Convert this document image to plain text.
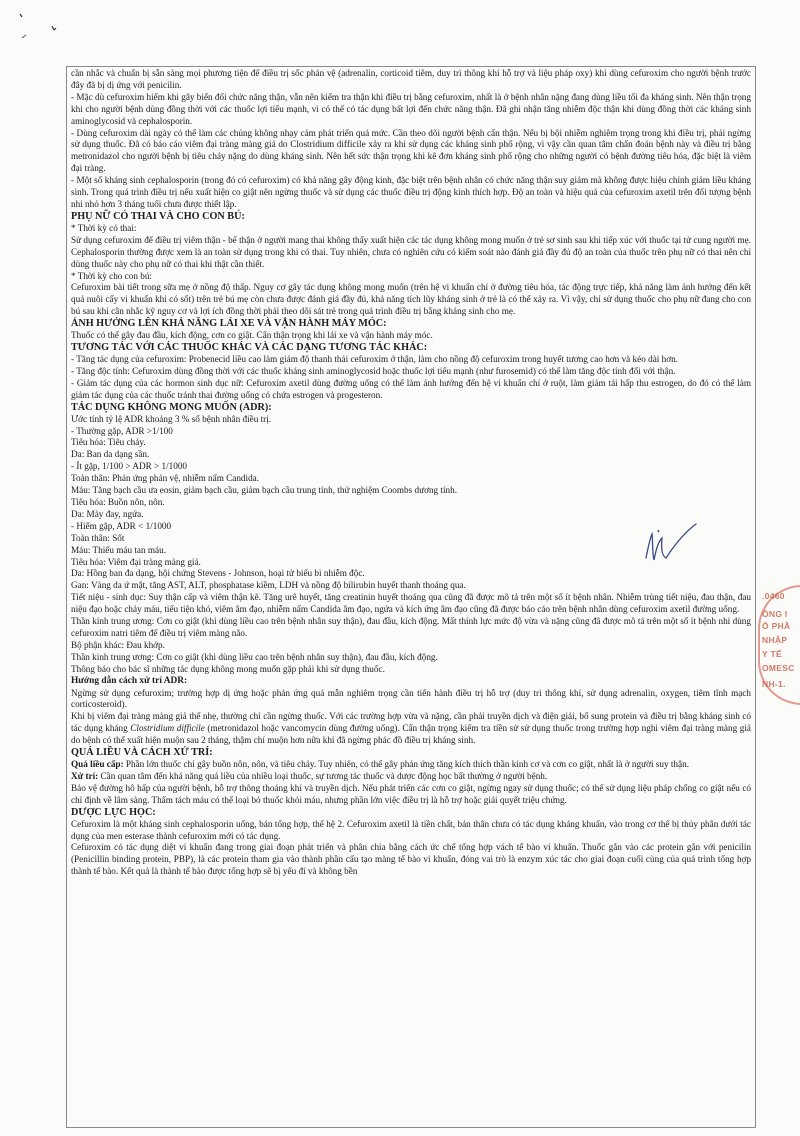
cần nhắc và chuẩn bị sẵn sàng mọi phương tiện để điều trị sốc phản vệ (adrenalin, corticoid tiêm, duy trì thông khí hỗ trợ và liệu pháp oxy) khi dùng cefuroxim cho người bệnh trước đây đã bị dị ứng với penicilin.

- Mặc dù cefuroxim hiếm khi gây biến đổi chức năng thận, vẫn nên kiểm tra thận khi điều trị bằng cefuroxim, nhất là ở bệnh nhân nặng đang dùng liều tối đa kháng sinh. Nên thận trọng khi cho người bệnh dùng đồng thời với các thuốc lợi tiểu mạnh, vì có thể có tác dụng bất lợi đến chức năng thận. Đã ghi nhận tăng nhiễm độc thận khi dùng đồng thời các kháng sinh aminoglycosid và cephalosporin.

- Dùng cefuroxim dài ngày có thể làm các chủng không nhạy cảm phát triển quá mức. Cần theo dõi người bệnh cẩn thận. Nếu bị bội nhiễm nghiêm trọng trong khi điều trị, phải ngừng sử dụng thuốc. Đã có báo cáo viêm đại tràng màng giả do Clostridium difficile xảy ra khi sử dụng các kháng sinh phổ rộng, vì vậy cần quan tâm chẩn đoán bệnh này và điều trị bằng metronidazol cho người bệnh bị tiêu chảy nặng do dùng kháng sinh. Nên hết sức thận trọng khi kê đơn kháng sinh phổ rộng cho những người có bệnh đường tiêu hóa, đặc biệt là viêm đại tràng.

- Một số kháng sinh cephalosporin (trong đó có cefuroxim) có khả năng gây động kinh, đặc biệt trên bệnh nhân có chức năng thận suy giảm mà không được hiệu chỉnh giảm liều kháng sinh. Trong quá trình điều trị nếu xuất hiện co giật nên ngừng thuốc và sử dụng các thuốc điều trị động kinh thích hợp. Độ an toàn và hiệu quả của cefuroxim axetil trên đối tượng bệnh nhi nhỏ hơn 3 tháng tuổi chưa được thiết lập.

PHỤ NỮ CÓ THAI VÀ CHO CON BÚ:

* Thời kỳ có thai:

Sử dụng cefuroxim để điều trị viêm thận - bể thận ở người mang thai không thấy xuất hiện các tác dụng không mong muốn ở trẻ sơ sinh sau khi tiếp xúc với thuốc tại tử cung người mẹ. Cephalosporin thường được xem là an toàn sử dụng trong khi có thai. Tuy nhiên, chưa có nghiên cứu có kiểm soát nào đánh giá đầy đủ độ an toàn của thuốc trên phụ nữ có thai nên chỉ dùng thuốc này cho phụ nữ có thai khi thật cần thiết.

* Thời kỳ cho con bú:

Cefuroxim bài tiết trong sữa mẹ ở nồng độ thấp. Nguy cơ gây tác dụng không mong muốn (trên hệ vi khuẩn chí ở đường tiêu hóa, tác động trực tiếp, khả năng làm ảnh hưởng đến kết quả nuôi cấy vi khuẩn khi có sốt) trên trẻ bú mẹ còn chưa được đánh giá đầy đủ, khả năng tích lũy kháng sinh ở trẻ là có thể xảy ra. Vì vậy, chỉ sử dụng thuốc cho phụ nữ đang cho con bú sau khi cân nhắc kỹ nguy cơ và lợi ích đồng thời phải theo dõi sát trẻ trong quá trình điều trị bằng kháng sinh cho mẹ.

ẢNH HƯỞNG LÊN KHẢ NĂNG LÁI XE VÀ VẬN HÀNH MÁY MÓC:

Thuốc có thể gây đau đầu, kích động, cơn co giật. Cẩn thận trọng khi lái xe và vận hành máy móc.

TƯƠNG TÁC VỚI CÁC THUỐC KHÁC VÀ CÁC DẠNG TƯƠNG TÁC KHÁC:

- Tăng tác dụng của cefuroxim: Probenecid liều cao làm giảm độ thanh thải cefuroxim ở thận, làm cho nồng độ cefuroxim trong huyết tương cao hơn và kéo dài hơn.

- Tăng độc tính: Cefuroxim dùng đồng thời với các thuốc kháng sinh aminoglycosid hoặc thuốc lợi tiểu mạnh (như furosemid) có thể làm tăng độc tính đối với thận.

- Giảm tác dụng của các hormon sinh dục nữ: Cefuroxim axetil dùng đường uống có thể làm ảnh hưởng đến hệ vi khuẩn chí ở ruột, làm giảm tái hấp thu estrogen, do đó có thể làm giảm tác dụng của các thuốc tránh thai đường uống có chứa estrogen và progesteron.

TÁC DỤNG KHÔNG MONG MUỐN (ADR):

Ước tính tỷ lệ ADR khoảng 3 % số bệnh nhân điều trị.

- Thường gặp, ADR >1/100

Tiêu hóa: Tiêu chảy.

Da: Ban da dạng sần.

- Ít gặp, 1/100 > ADR > 1/1000

Toàn thân: Phản ứng phản vệ, nhiễm nấm Candida.

Máu: Tăng bạch cầu ưa eosin, giảm bạch cầu, giảm bạch cầu trung tính, thử nghiệm Coombs dương tính.

Tiêu hóa: Buồn nôn, nôn.

Da: Mày đay, ngứa.

- Hiếm gặp, ADR < 1/1000

Toàn thân: Sốt

Máu: Thiếu máu tan máu.

Tiêu hóa: Viêm đại tràng màng giả.

Da: Hồng ban đa dạng, hội chứng Stevens - Johnson, hoại tử biểu bì nhiễm độc.

Gan: Vàng da ứ mật, tăng AST, ALT, phosphatase kiềm, LDH và nồng độ bilirubin huyết thanh thoáng qua.

Tiết niệu - sinh dục: Suy thận cấp và viêm thận kẽ. Tăng urê huyết, tăng creatinin huyết thoáng qua cũng đã được mô tả trên một số ít bệnh nhân. Nhiễm trùng tiết niệu, đau thận, đau niệu đạo hoặc chảy máu, tiểu tiện khó, viêm âm đạo, nhiễm nấm Candida âm đạo, ngứa và kích ứng âm đạo cũng đã được báo cáo trên bệnh nhân dùng cefuroxim axetil đường uống.

Thần kinh trung ương: Cơn co giật (khi dùng liều cao trên bệnh nhân suy thận), đau đầu, kích động. Mất thính lực mức độ vừa và nặng cũng đã được mô tả trên một số ít bệnh nhi dùng cefuroxim natri tiêm để điều trị viêm màng não.

Bộ phận khác: Đau khớp.

Thần kinh trung ương: Cơn co giật (khi dùng liều cao trên bệnh nhân suy thận), đau đầu, kích động.

Thông báo cho bác sĩ những tác dụng không mong muốn gặp phải khi sử dụng thuốc.

Hướng dẫn cách xử trí ADR:

Ngừng sử dụng cefuroxim; trường hợp dị ứng hoặc phản ứng quá mẫn nghiêm trọng cần tiến hành điều trị hỗ trợ (duy trì thông khí, sử dụng adrenalin, oxygen, tiêm tĩnh mạch corticosteroid).

Khi bị viêm đại tràng màng giả thể nhẹ, thường chỉ cần ngừng thuốc. Với các trường hợp vừa và nặng, cần phải truyền dịch và điện giải, bổ sung protein và điều trị bằng kháng sinh có tác dụng kháng Clostridium difficile (metronidazol hoặc vancomycin dùng đường uống). Cẩn thận trọng kiểm tra tiền sử sử dụng thuốc trong trường hợp nghi viêm đại tràng màng giả do bệnh có thể xuất hiện muộn sau 2 tháng, thậm chí muộn hơn nữa khi đã ngừng phác đồ điều trị kháng sinh.

QUÁ LIỀU VÀ CÁCH XỬ TRÍ:

Quá liều cấp: Phần lớn thuốc chỉ gây buồn nôn, nôn, và tiêu chảy. Tuy nhiên, có thể gây phản ứng tăng kích thích thần kinh cơ và cơn co giật, nhất là ở người suy thận.

Xử trí: Cần quan tâm đến khả năng quá liều của nhiều loại thuốc, sự tương tác thuốc và dược động học bất thường ở người bệnh.

Bảo vệ đường hô hấp của người bệnh, hỗ trợ thông thoáng khí và truyền dịch. Nếu phát triển các cơn co giật, ngừng ngay sử dụng thuốc; có thể sử dụng liệu pháp chống co giật nếu có chỉ định về lâm sàng. Thẩm tách máu có thể loại bỏ thuốc khỏi máu, nhưng phần lớn việc điều trị là hỗ trợ hoặc giải quyết triệu chứng.

DƯỢC LỰC HỌC:

Cefuroxim là một kháng sinh cephalosporin uống, bán tổng hợp, thế hệ 2. Cefuroxim axetil là tiền chất, bản thân chưa có tác dụng kháng khuẩn, vào trong cơ thể bị thủy phân dưới tác dụng của men esterase thành cefuroxim mới có tác dụng.

Cefuroxim có tác dụng diệt vi khuẩn đang trong giai đoạn phát triển và phân chia bằng cách ức chế tổng hợp vách tế bào vi khuẩn. Thuốc gắn vào các protein gắn với penicilin (Penicillin binding protein, PBP), là các protein tham gia vào thành phần cấu tạo màng tế bào vi khuẩn, đóng vai trò là enzym xúc tác cho giai đoạn cuối cùng của quá trình tổng hợp thành tế bào. Kết quả là thành tế bào được tổng hợp sẽ bị yếu đi và không bền

.0460
ÔNG I
Ổ PHẦ
NHẬP
Y TẾ
OMESC
NH-1.
